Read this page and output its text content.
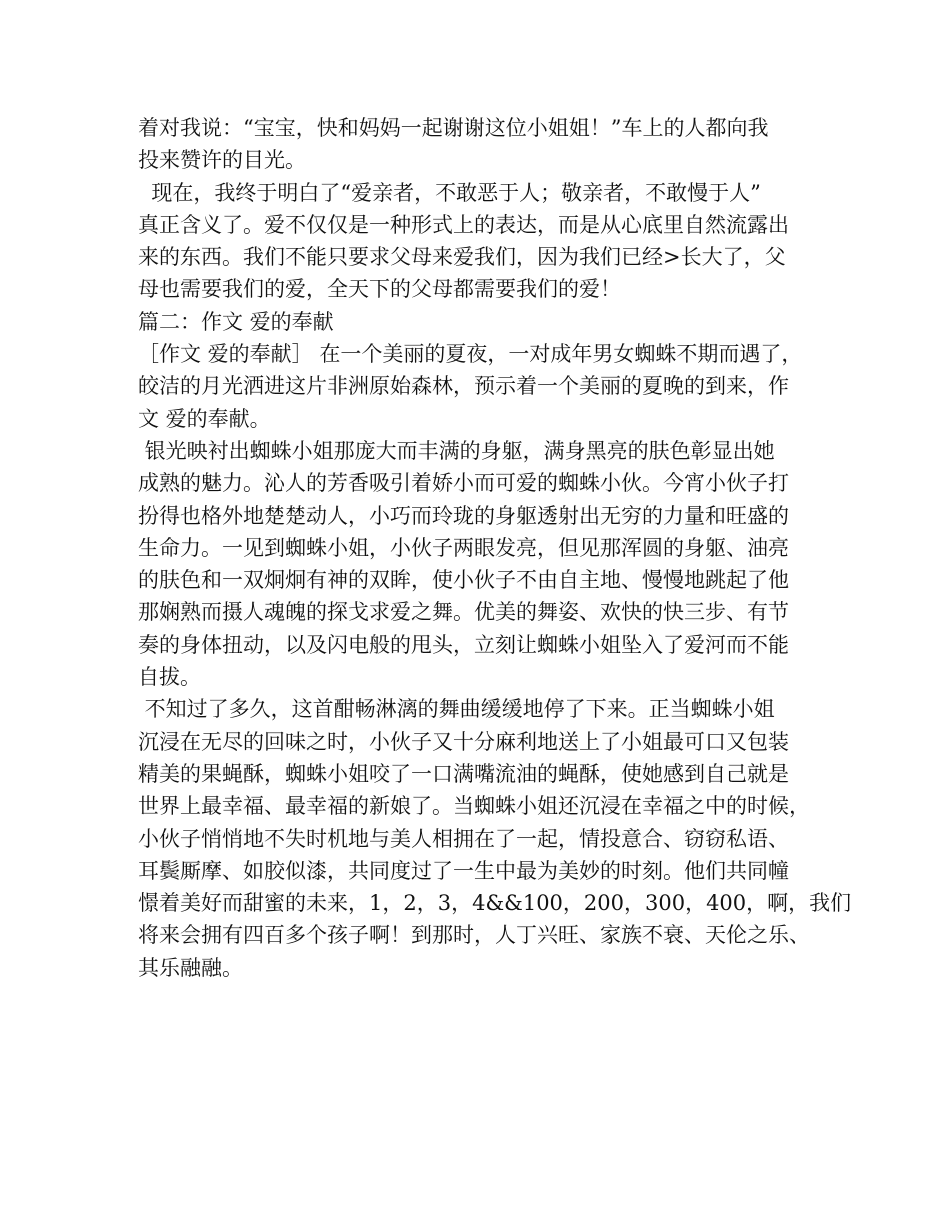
着对我说：“宝宝，快和妈妈一起谢谢这位小姐姐！”车上的人都向我
投来赞许的目光。
现在，我终于明白了“爱亲者，不敢恶于人；敬亲者，不敢慢于人”
真正含义了。爱不仅仅是一种形式上的表达，而是从心底里自然流露出
来的东西。我们不能只要求父母来爱我们，因为我们已经>长大了，父
母也需要我们的爱，全天下的父母都需要我们的爱！
篇二：作文 爱的奉献
［作文 爱的奉献］ 在一个美丽的夏夜，一对成年男女蜘蛛不期而遇了，
皎洁的月光洒进这片非洲原始森林，预示着一个美丽的夏晚的到来，作
文 爱的奉献。
银光映衬出蜘蛛小姐那庞大而丰满的身躯，满身黑亮的肤色彰显出她
成熟的魅力。沁人的芳香吸引着娇小而可爱的蜘蛛小伙。今宵小伙子打
扮得也格外地楚楚动人，小巧而玲珑的身躯透射出无穷的力量和旺盛的
生命力。一见到蜘蛛小姐，小伙子两眼发亮，但见那浑圆的身躯、油亮
的肤色和一双炯炯有神的双眸，使小伙子不由自主地、慢慢地跳起了他
那娴熟而摄人魂魄的探戈求爱之舞。优美的舞姿、欢快的快三步、有节
奏的身体扭动，以及闪电般的甩头，立刻让蜘蛛小姐坠入了爱河而不能
自拔。
不知过了多久，这首酣畅淋漓的舞曲缓缓地停了下来。正当蜘蛛小姐
沉浸在无尽的回味之时，小伙子又十分麻利地送上了小姐最可口又包装
精美的果蝇酥，蜘蛛小姐咬了一口满嘴流油的蝇酥，使她感到自己就是
世界上最幸福、最幸福的新娘了。当蜘蛛小姐还沉浸在幸福之中的时候，
小伙子悄悄地不失时机地与美人相拥在了一起，情投意合、窃窃私语、
耳鬓厮摩、如胶似漆，共同度过了一生中最为美妙的时刻。他们共同幢
憬着美好而甜蜜的未来，1，2，3，4&&100，200，300，400，啊，我们
将来会拥有四百多个孩子啊！到那时，人丁兴旺、家族不衰、天伦之乐、
其乐融融。
